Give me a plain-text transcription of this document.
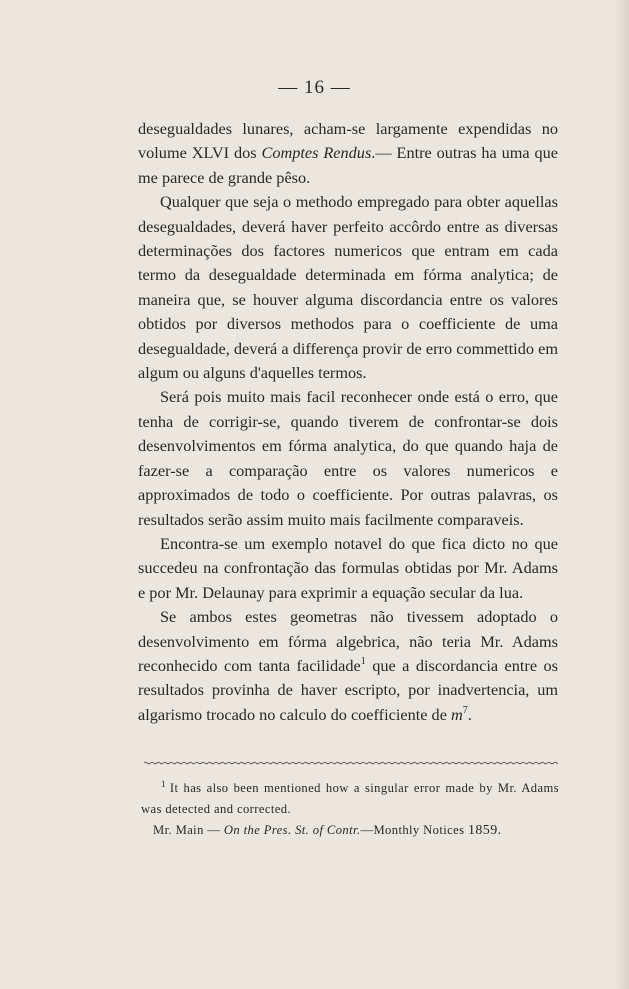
— 16 —

desegualdades lunares, acham-se largamente expendidas no volume XLVI dos Comptes Rendus.— Entre outras ha uma que me parece de grande pêso.

Qualquer que seja o methodo empregado para obter aquellas desegualdades, deverá haver perfeito accôrdo entre as diversas determinações dos factores numericos que entram em cada termo da desegualdade determinada em fórma analytica; de maneira que, se houver alguma discordancia entre os valores obtidos por diversos methodos para o coefficiente de uma desegualdade, deverá a differença provir de erro commettido em algum ou alguns d'aquelles termos.

Será pois muito mais facil reconhecer onde está o erro, que tenha de corrigir-se, quando tiverem de confrontar-se dois desenvolvimentos em fórma analytica, do que quando haja de fazer-se a comparação entre os valores numericos e approximados de todo o coefficiente. Por outras palavras, os resultados serão assim muito mais facilmente comparaveis.

Encontra-se um exemplo notavel do que fica dicto no que succedeu na confrontação das formulas obtidas por Mr. Adams e por Mr. Delaunay para exprimir a equação secular da lua.

Se ambos estes geometras não tivessem adoptado o desenvolvimento em fórma algebrica, não teria Mr. Adams reconhecido com tanta facilidade$^1$ que a discordancia entre os resultados provinha de haver escripto, por inadvertencia, um algarismo trocado no calculo do coefficiente de $m^7$.

$^1$ It has also been mentioned how a singular error made by Mr. Adams was detected and corrected.

Mr. Main — On the Pres. St. of Contr.—Monthly Notices 1859.
